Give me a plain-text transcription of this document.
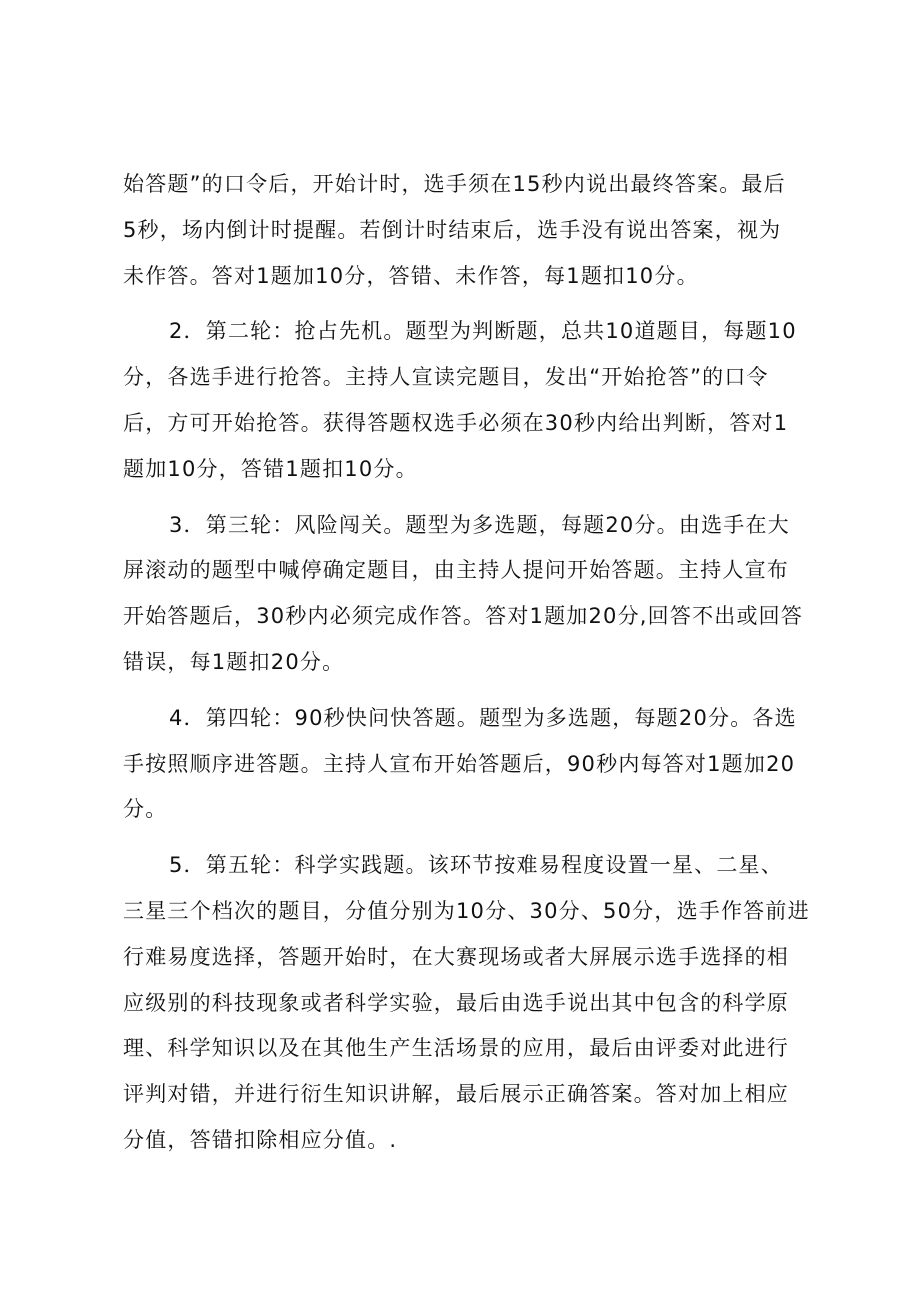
始答题”的口令后，开始计时，选手须在15秒内说出最终答案。最后
5秒，场内倒计时提醒。若倒计时结束后，选手没有说出答案，视为
未作答。答对1题加10分，答错、未作答，每1题扣10分。

2．第二轮：抢占先机。题型为判断题，总共10道题目，每题10
分，各选手进行抢答。主持人宣读完题目，发出“开始抢答”的口令
后，方可开始抢答。获得答题权选手必须在30秒内给出判断，答对1
题加10分，答错1题扣10分。

3．第三轮：风险闯关。题型为多选题，每题20分。由选手在大
屏滚动的题型中喊停确定题目，由主持人提问开始答题。主持人宣布
开始答题后，30秒内必须完成作答。答对1题加20分,回答不出或回答
错误，每1题扣20分。

4．第四轮：90秒快问快答题。题型为多选题，每题20分。各选
手按照顺序进答题。主持人宣布开始答题后，90秒内每答对1题加20
分。

5．第五轮：科学实践题。该环节按难易程度设置一星、二星、
三星三个档次的题目，分值分别为10分、30分、50分，选手作答前进
行难易度选择，答题开始时，在大赛现场或者大屏展示选手选择的相
应级别的科技现象或者科学实验，最后由选手说出其中包含的科学原
理、科学知识以及在其他生产生活场景的应用，最后由评委对此进行
评判对错，并进行衍生知识讲解，最后展示正确答案。答对加上相应
分值，答错扣除相应分值。.
